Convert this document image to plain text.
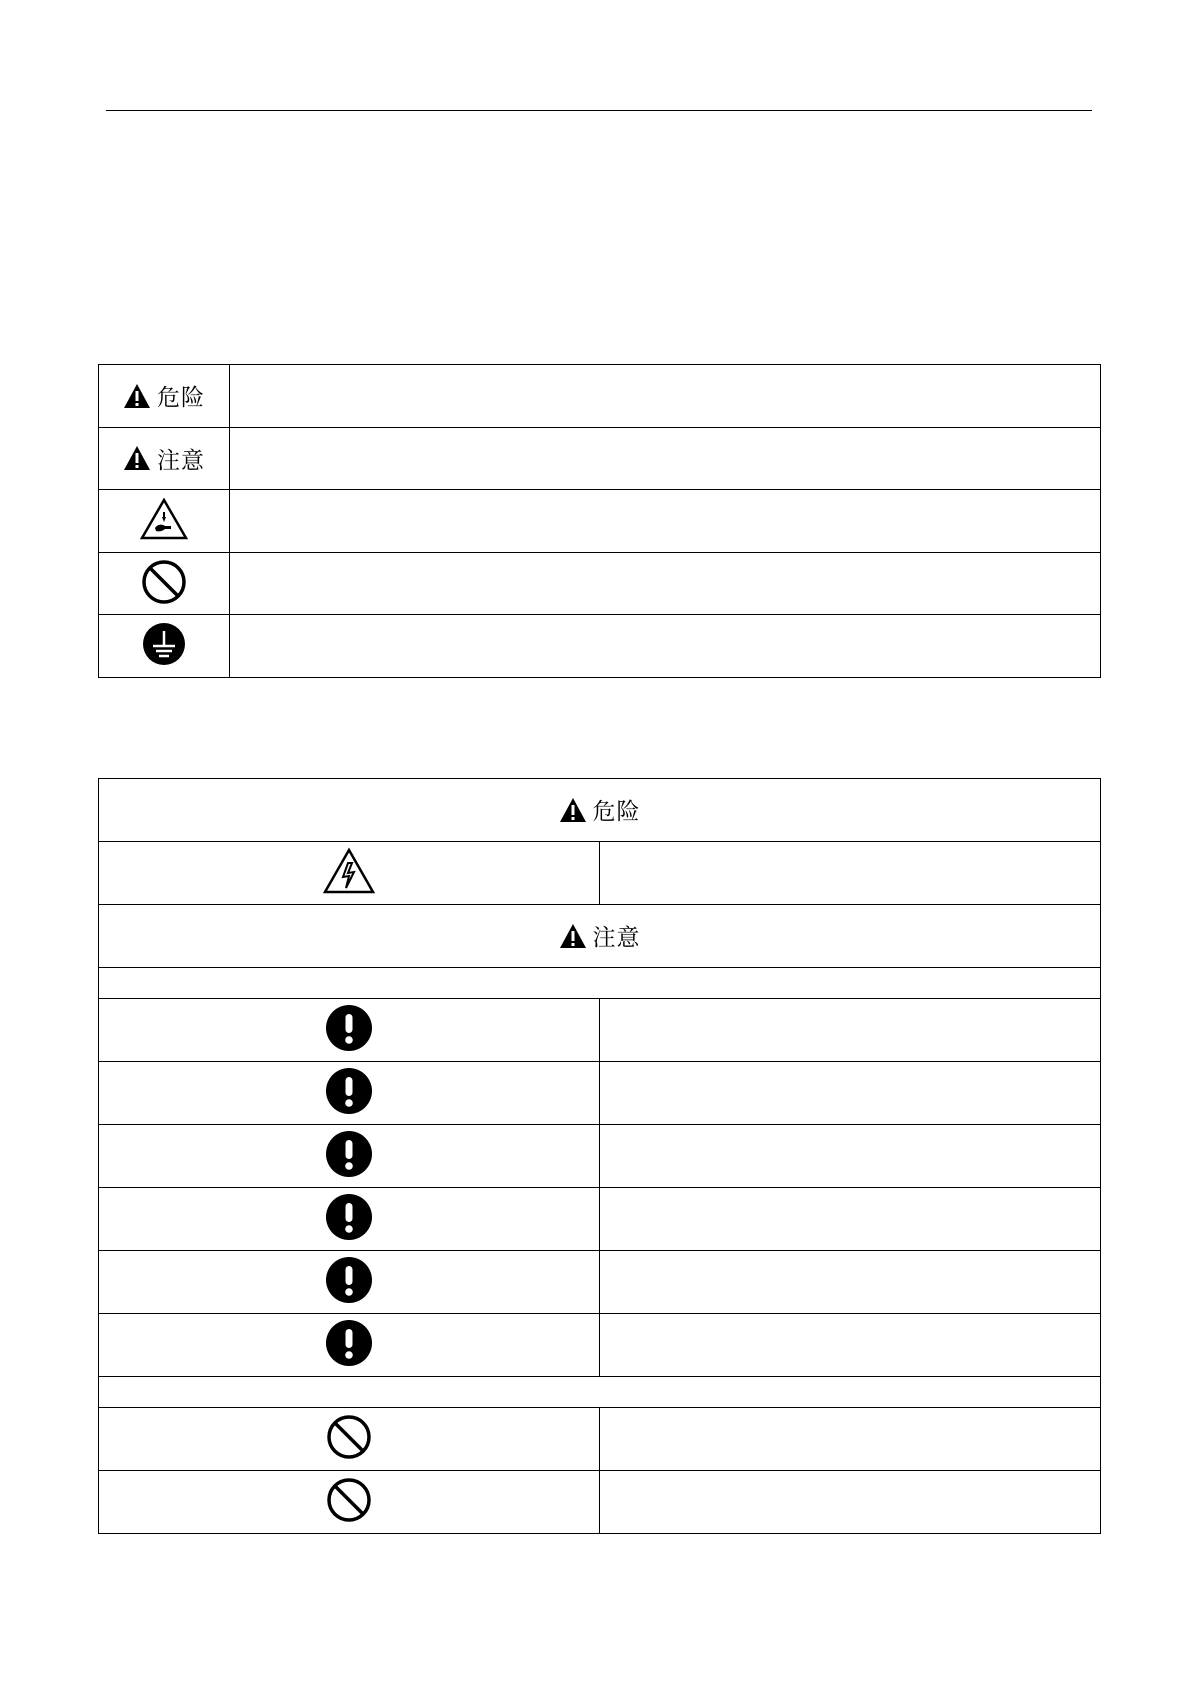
危险	

注意	

危险	

注意	
